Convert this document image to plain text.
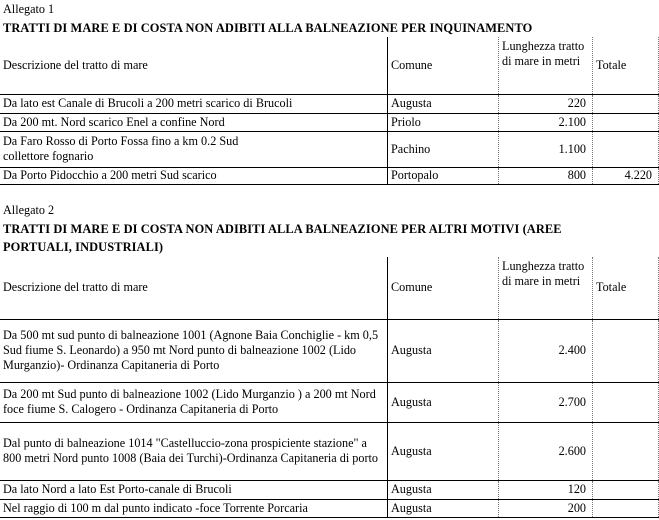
Allegato 1
TRATTI DI MARE E DI COSTA NON ADIBITI ALLA BALNEAZIONE PER INQUINAMENTO
Descrizione del tratto di mare	Comune	Lunghezza tratto di mare in metri	Totale
Da lato est Canale di Brucoli a 200 metri scarico di Brucoli	Augusta	220	
Da 200 mt. Nord scarico Enel a confine Nord	Priolo	2.100	
Da Faro Rosso di Porto Fossa fino a km 0.2 Sud collettore fognario	Pachino	1.100	
Da Porto Pidocchio a 200 metri Sud scarico	Portopalo	800	4.220
Allegato 2
TRATTI DI MARE E DI COSTA NON ADIBITI ALLA BALNEAZIONE PER ALTRI MOTIVI (AREE PORTUALI, INDUSTRIALI)
Descrizione del tratto di mare	Comune	Lunghezza tratto di mare in metri	Totale
Da 500 mt sud punto di balneazione 1001 (Agnone Baia Conchiglie - km 0,5 Sud fiume S. Leonardo) a 950 mt Nord punto di balneazione 1002 (Lido Murganzio)- Ordinanza Capitaneria di Porto	Augusta	2.400	
Da 200 mt Sud punto di balneazione 1002 (Lido Murganzio ) a 200 mt Nord foce fiume S. Calogero - Ordinanza Capitaneria di Porto	Augusta	2.700	
Dal punto di balneazione 1014 "Castelluccio-zona prospiciente stazione" a 800 metri Nord punto 1008 (Baia dei Turchi)-Ordinanza Capitaneria di porto	Augusta	2.600	
Da lato Nord a lato Est Porto-canale di Brucoli	Augusta	120	
Nel raggio di 100 m dal punto indicato -foce Torrente Porcaria	Augusta	200	
